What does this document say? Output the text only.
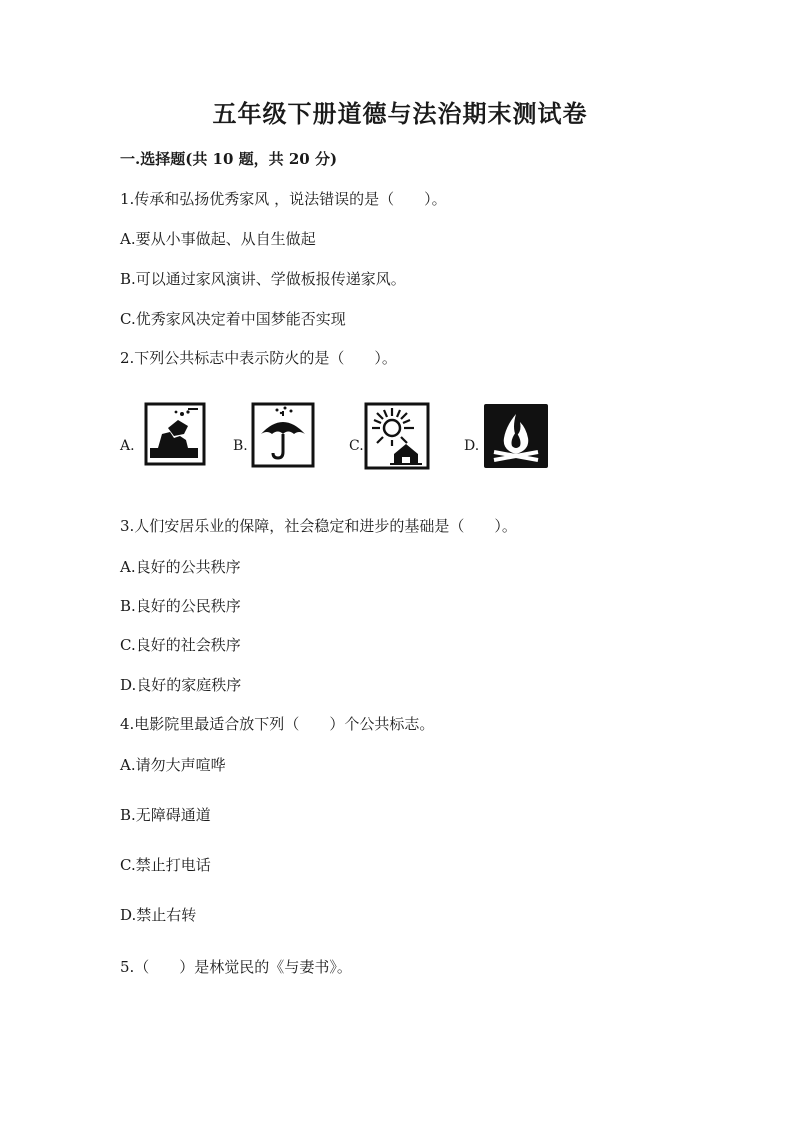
五年级下册道德与法治期末测试卷
一.选择题(共 10 题，共 20 分)
1.传承和弘扬优秀家风 ，说法错误的是（　　）。
A.要从小事做起、从自生做起
B.可以通过家风演讲、学做板报传递家风。
C.优秀家风决定着中国梦能否实现
2.下列公共标志中表示防火的是（　　）。
A.	B.	C.	D.
3.人们安居乐业的保障，社会稳定和进步的基础是（　　）。
A.良好的公共秩序
B.良好的公民秩序
C.良好的社会秩序
D.良好的家庭秩序
4.电影院里最适合放下列（　　）个公共标志。
A.请勿大声喧哗
B.无障碍通道
C.禁止打电话
D.禁止右转
5.（　　）是林觉民的《与妻书》。
